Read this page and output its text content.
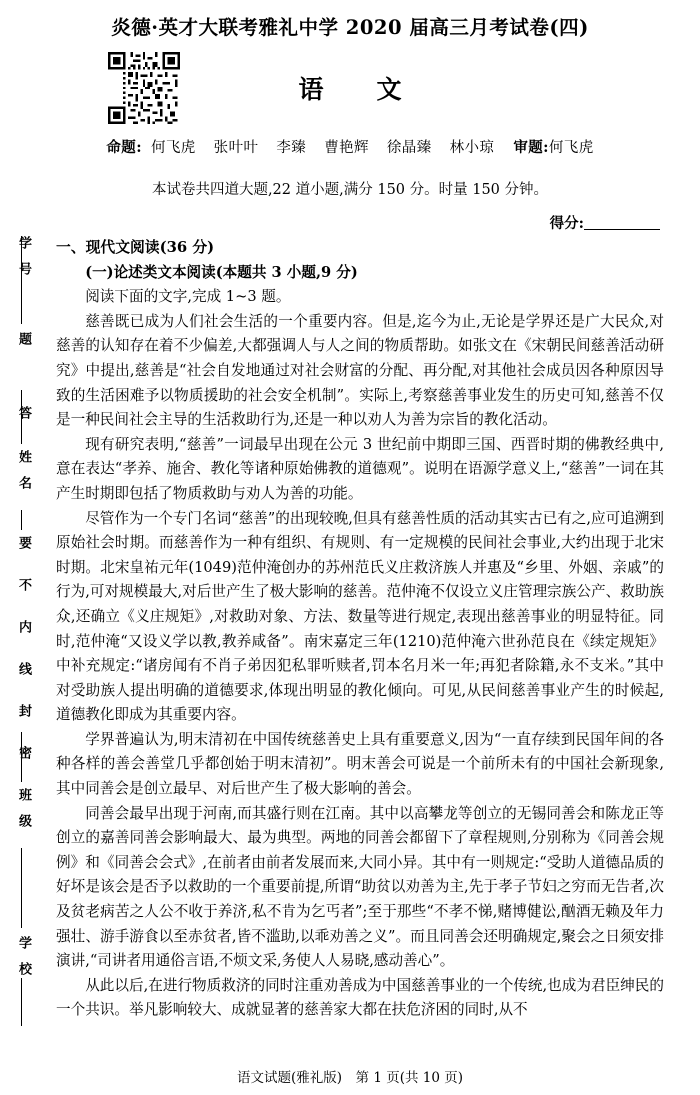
炎德·英才大联考雅礼中学 2020 届高三月考试卷(四)
语　文
命题: 何飞虎 张叶叶 李臻 曹艳辉 徐晶臻 林小琼 审题:何飞虎
本试卷共四道大题,22 道小题,满分 150 分。时量 150 分钟。
得分:
学　号
题
答
姓　名
要
不
内
线
封
密
班　级
学　校

一、现代文阅读(36 分)

(一)论述类文本阅读(本题共 3 小题,9 分)

阅读下面的文字,完成 1~3 题。

慈善既已成为人们社会生活的一个重要内容。但是,迄今为止,无论是学界还是广大民众,对慈善的认知存在着不少偏差,大都强调人与人之间的物质帮助。如张文在《宋朝民间慈善活动研究》中提出,慈善是“社会自发地通过对社会财富的分配、再分配,对其他社会成员因各种原因导致的生活困难予以物质援助的社会安全机制”。实际上,考察慈善事业发生的历史可知,慈善不仅是一种民间社会主导的生活救助行为,还是一种以劝人为善为宗旨的教化活动。

现有研究表明,“慈善”一词最早出现在公元 3 世纪前中期即三国、西晋时期的佛教经典中,意在表达“孝养、施舍、教化等诸种原始佛教的道德观”。说明在语源学意义上,“慈善”一词在其产生时期即包括了物质救助与劝人为善的功能。

尽管作为一个专门名词“慈善”的出现较晚,但具有慈善性质的活动其实古已有之,应可追溯到原始社会时期。而慈善作为一种有组织、有规则、有一定规模的民间社会事业,大约出现于北宋时期。北宋皇祐元年(1049)范仲淹创办的苏州范氏义庄救济族人并惠及“乡里、外姻、亲戚”的行为,可对规模最大,对后世产生了极大影响的慈善。范仲淹不仅设立义庄管理宗族公产、救助族众,还确立《义庄规矩》,对救助对象、方法、数量等进行规定,表现出慈善事业的明显特征。同时,范仲淹“又设义学以教,教养咸备”。南宋嘉定三年(1210)范仲淹六世孙范良在《续定规矩》中补充规定:“诸房闻有不肖子弟因犯私罪听赎者,罚本名月米一年;再犯者除籍,永不支米。”其中对受助族人提出明确的道德要求,体现出明显的教化倾向。可见,从民间慈善事业产生的时候起,道德教化即成为其重要内容。

学界普遍认为,明末清初在中国传统慈善史上具有重要意义,因为“一直存续到民国年间的各种各样的善会善堂几乎都创始于明末清初”。明末善会可说是一个前所未有的中国社会新现象,其中同善会是创立最早、对后世产生了极大影响的善会。

同善会最早出现于河南,而其盛行则在江南。其中以高攀龙等创立的无锡同善会和陈龙正等创立的嘉善同善会影响最大、最为典型。两地的同善会都留下了章程规则,分别称为《同善会规例》和《同善会会式》,在前者由前者发展而来,大同小异。其中有一则规定:“受助人道德品质的好坏是该会是否予以救助的一个重要前提,所谓“助贫以劝善为主,先于孝子节妇之穷而无告者,次及贫老病苦之人公不收于养济,私不肯为乞丐者”;至于那些“不孝不悌,赌博健讼,酗酒无赖及年力强壮、游手游食以至赤贫者,皆不滥助,以乖劝善之义”。而且同善会还明确规定,聚会之日须安排演讲,“司讲者用通俗言语,不烦文采,务使人人易晓,感动善心”。

从此以后,在进行物质救济的同时注重劝善成为中国慈善事业的一个传统,也成为君臣绅民的一个共识。举凡影响较大、成就显著的慈善家大都在扶危济困的同时,从不

语文试题(雅礼版)　第 1 页(共 10 页)
